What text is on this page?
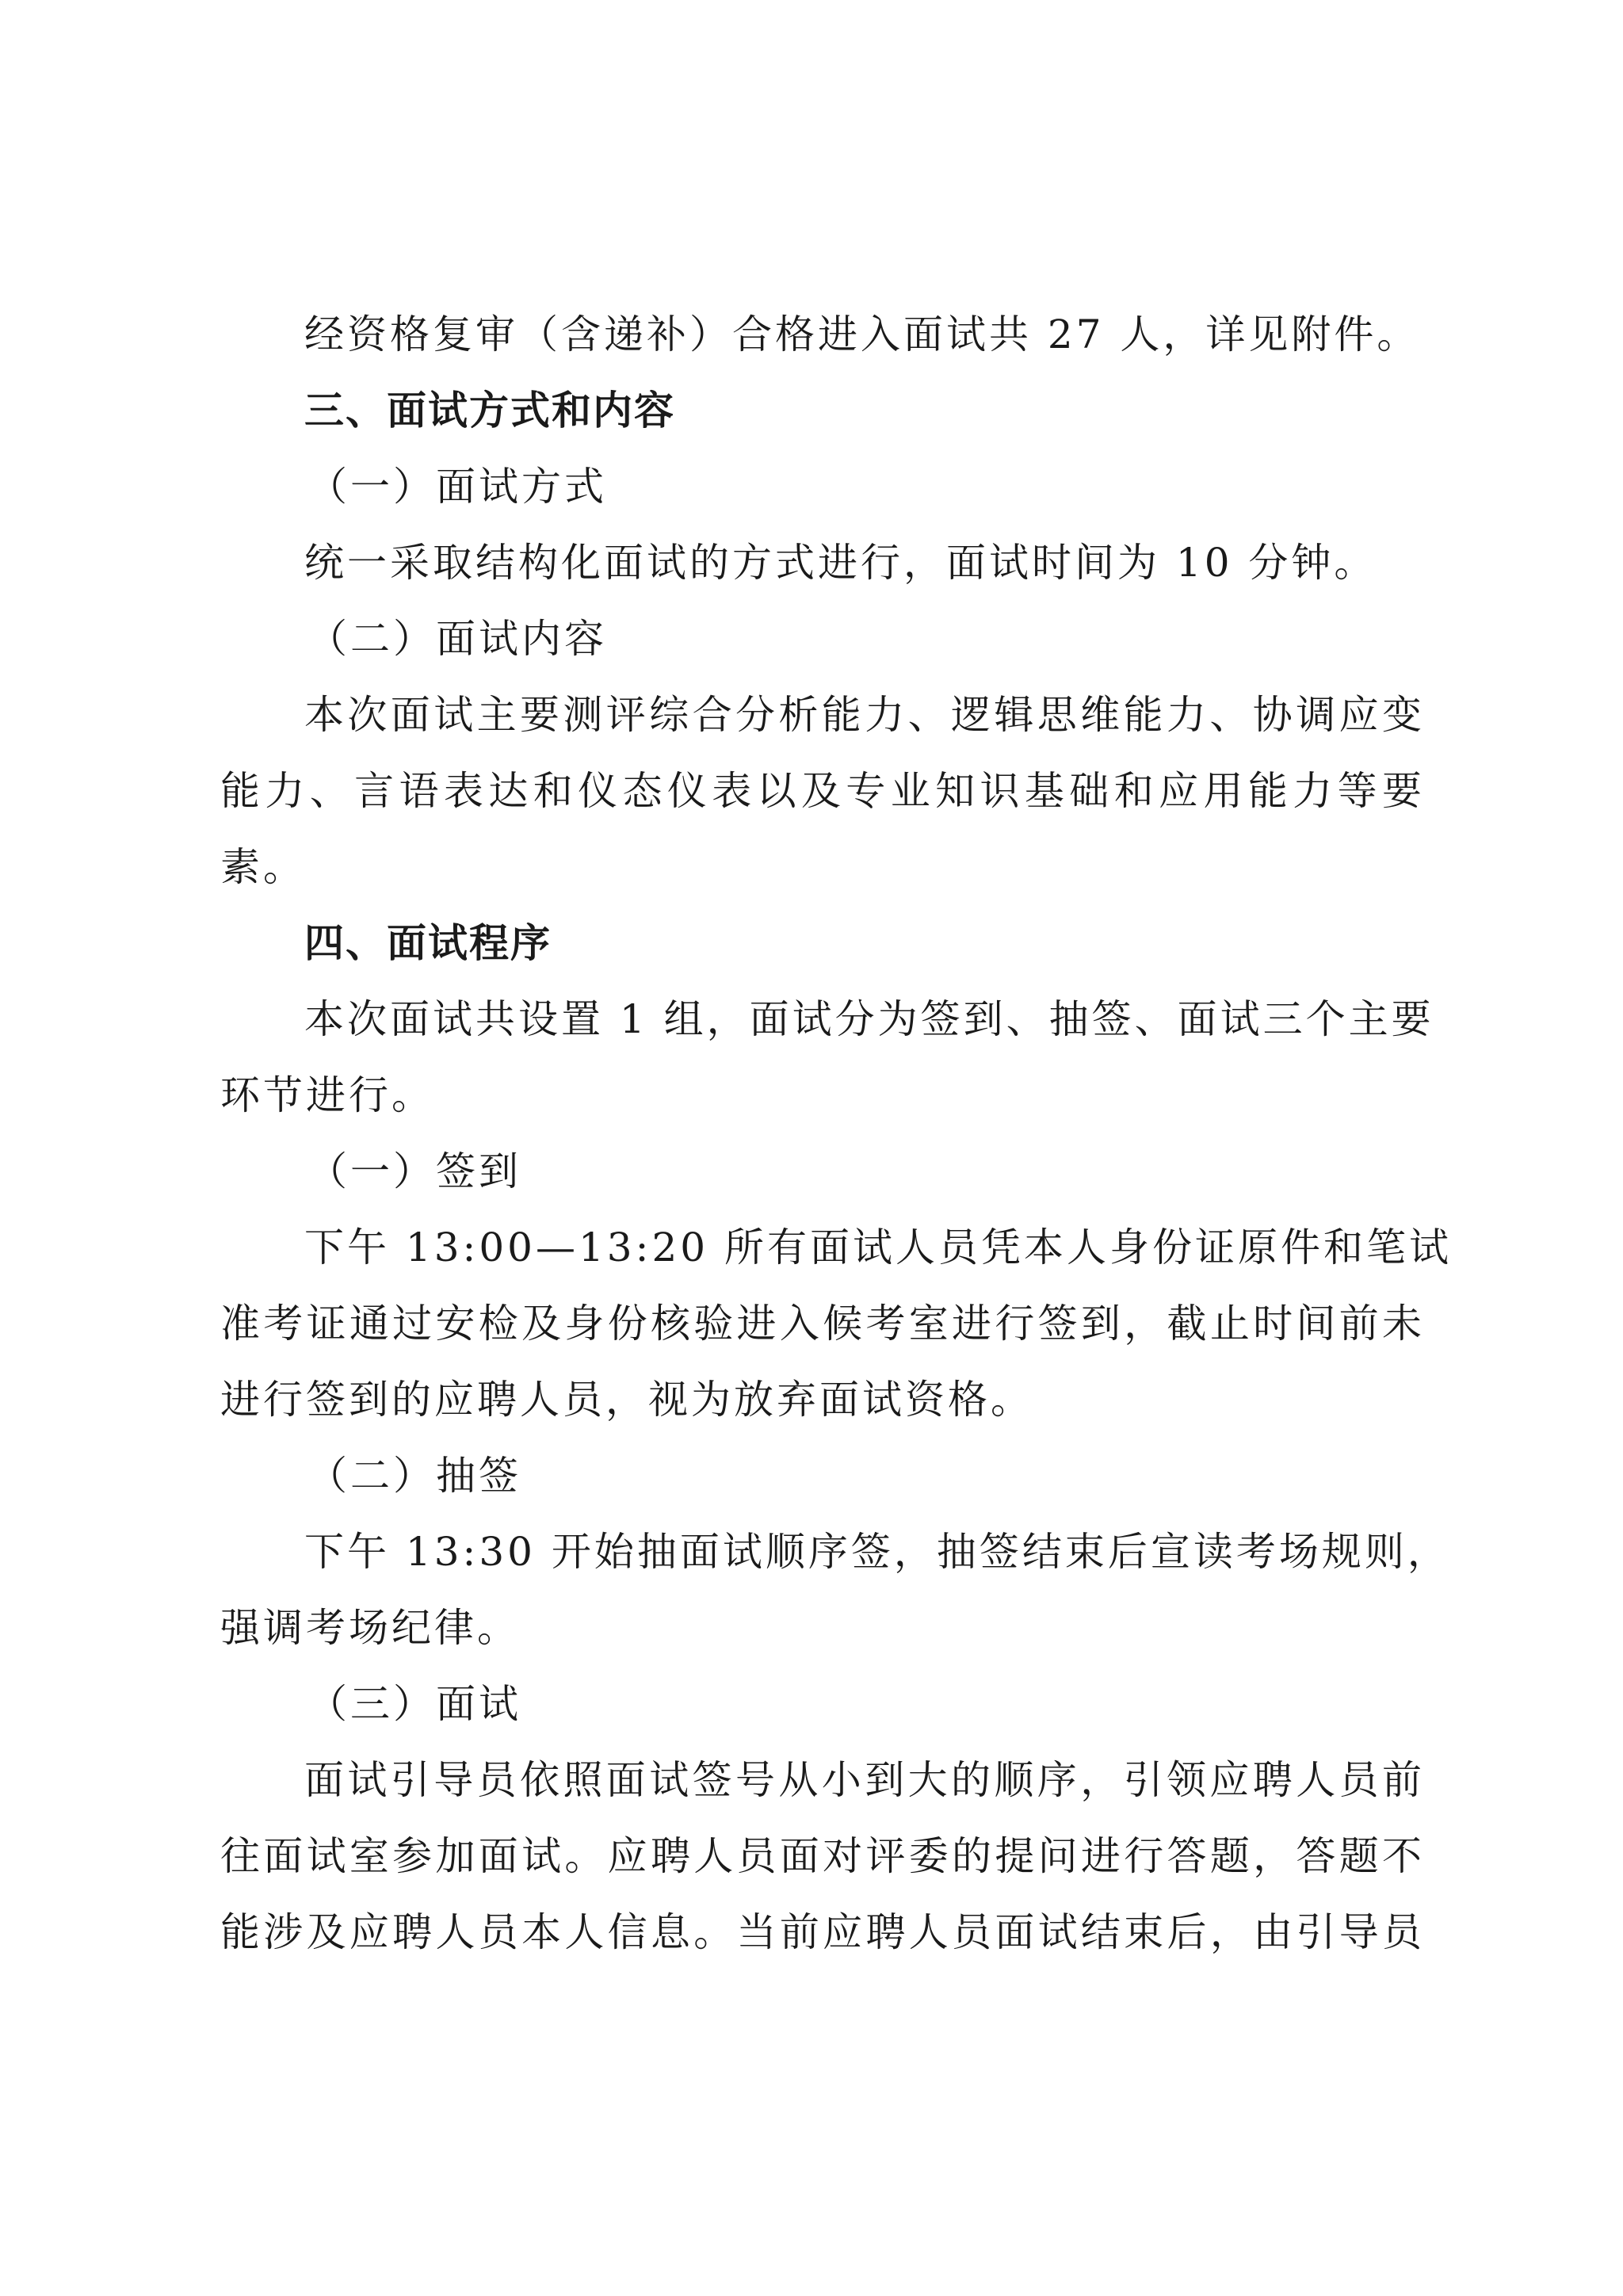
经资格复审（含递补）合格进入面试共 27 人，详见附件。
三、面试方式和内容
（一）面试方式
统一采取结构化面试的方式进行，面试时间为 10 分钟。
（二）面试内容
本次面试主要测评综合分析能力、逻辑思维能力、协调应变
能力、言语表达和仪态仪表以及专业知识基础和应用能力等要
素。
四、面试程序
本次面试共设置 1 组，面试分为签到、抽签、面试三个主要
环节进行。
（一）签到
下午 13:00—13:20 所有面试人员凭本人身份证原件和笔试
准考证通过安检及身份核验进入候考室进行签到，截止时间前未
进行签到的应聘人员，视为放弃面试资格。
（二）抽签
下午 13:30 开始抽面试顺序签，抽签结束后宣读考场规则，
强调考场纪律。
（三）面试
面试引导员依照面试签号从小到大的顺序，引领应聘人员前
往面试室参加面试。应聘人员面对评委的提问进行答题，答题不
能涉及应聘人员本人信息。当前应聘人员面试结束后，由引导员
